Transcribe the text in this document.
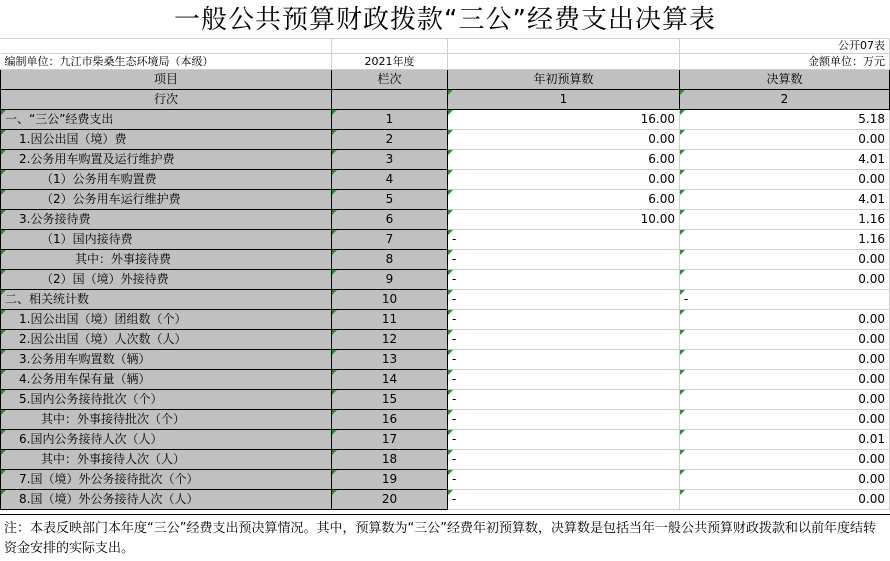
一般公共预算财政拨款“三公”经费支出决算表
			公开07表
编制单位：九江市柴桑生态环境局（本级）	2021年度		金额单位：万元
项目	栏次	年初预算数	决算数
行次		1	2
一、“三公”经费支出	1	16.00	5.18
1.因公出国（境）费	2	0.00	0.00
2.公务用车购置及运行维护费	3	6.00	4.01
（1）公务用车购置费	4	0.00	0.00
（2）公务用车运行维护费	5	6.00	4.01
3.公务接待费	6	10.00	1.16
（1）国内接待费	7	-	1.16
其中：外事接待费	8	-	0.00
（2）国（境）外接待费	9	-	0.00
二、相关统计数	10	-	-
1.因公出国（境）团组数（个）	11	-	0.00
2.因公出国（境）人次数（人）	12	-	0.00
3.公务用车购置数（辆）	13	-	0.00
4.公务用车保有量（辆）	14	-	0.00
5.国内公务接待批次（个）	15	-	0.00
其中：外事接待批次（个）	16	-	0.00
6.国内公务接待人次（人）	17	-	0.01
其中：外事接待人次（人）	18	-	0.00
7.国（境）外公务接待批次（个）	19	-	0.00
8.国（境）外公务接待人次（人）	20	-	0.00
注：本表反映部门本年度“三公”经费支出预决算情况。其中，预算数为“三公”经费年初预算数，决算数是包括当年一般公共预算财政拨款和以前年度结转资金安排的实际支出。
